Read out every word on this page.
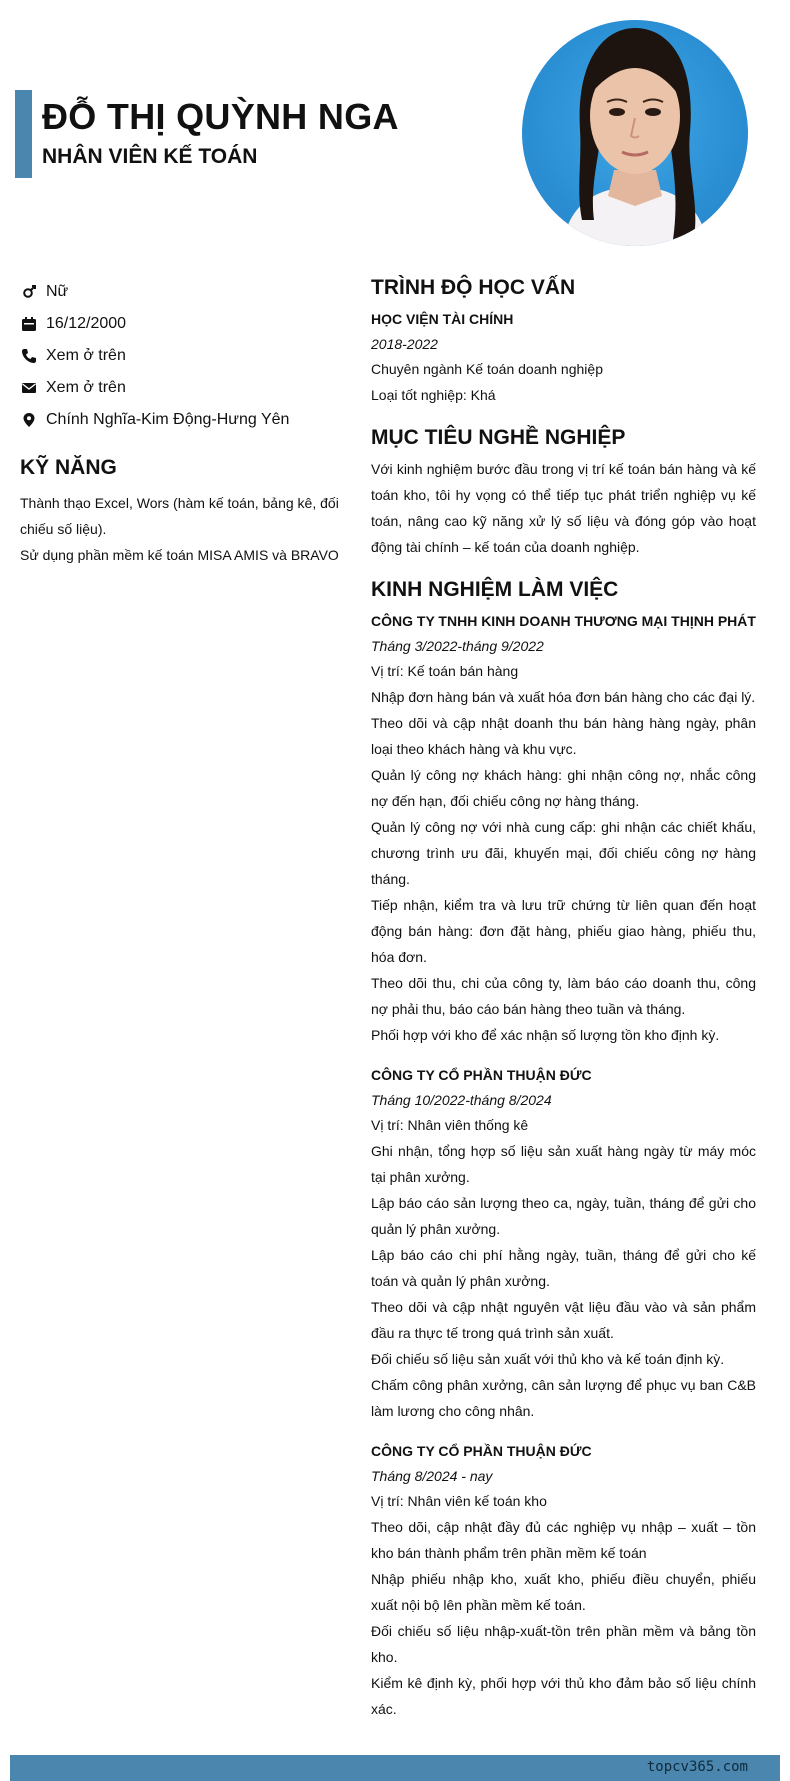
ĐỖ THỊ QUỲNH NGA
NHÂN VIÊN KẾ TOÁN
Nữ
16/12/2000
Xem ở trên
Xem ở trên
Chính Nghĩa-Kim Động-Hưng Yên
KỸ NĂNG

Thành thạo Excel, Wors (hàm kế toán, bảng kê, đối chiếu số liệu).

Sử dụng phần mềm kế toán MISA AMIS và BRAVO

TRÌNH ĐỘ HỌC VẤN

HỌC VIỆN TÀI CHÍNH

2018-2022

Chuyên ngành Kế toán doanh nghiệp

Loại tốt nghiệp: Khá

MỤC TIÊU NGHỀ NGHIỆP

Với kinh nghiệm bước đầu trong vị trí kế toán bán hàng và kế toán kho, tôi hy vọng có thể tiếp tục phát triển nghiệp vụ kế toán, nâng cao kỹ năng xử lý số liệu và đóng góp vào hoạt động tài chính – kế toán của doanh nghiệp.

KINH NGHIỆM LÀM VIỆC

CÔNG TY TNHH KINH DOANH THƯƠNG MẠI THỊNH PHÁT

Tháng 3/2022-tháng 9/2022

Vị trí: Kế toán bán hàng

Nhập đơn hàng bán và xuất hóa đơn bán hàng cho các đại lý.

Theo dõi và cập nhật doanh thu bán hàng hàng ngày, phân loại theo khách hàng và khu vực.

Quản lý công nợ khách hàng: ghi nhận công nợ, nhắc công nợ đến hạn, đối chiếu công nợ hàng tháng.

Quản lý công nợ với nhà cung cấp: ghi nhận các chiết khấu, chương trình ưu đãi, khuyến mại, đối chiếu công nợ hàng tháng.

Tiếp nhận, kiểm tra và lưu trữ chứng từ liên quan đến hoạt động bán hàng: đơn đặt hàng, phiếu giao hàng, phiếu thu, hóa đơn.

Theo dõi thu, chi của công ty, làm báo cáo doanh thu, công nợ phải thu, báo cáo bán hàng theo tuần và tháng.

Phối hợp với kho để xác nhận số lượng tồn kho định kỳ.

CÔNG TY CỔ PHẦN THUẬN ĐỨC

Tháng 10/2022-tháng 8/2024

Vị trí: Nhân viên thống kê

Ghi nhận, tổng hợp số liệu sản xuất hàng ngày từ máy móc tại phân xưởng.

Lập báo cáo sản lượng theo ca, ngày, tuần, tháng để gửi cho quản lý phân xưởng.

Lập báo cáo chi phí hằng ngày, tuần, tháng để gửi cho kế toán và quản lý phân xưởng.

Theo dõi và cập nhật nguyên vật liệu đầu vào và sản phẩm đầu ra thực tế trong quá trình sản xuất.

Đối chiếu số liệu sản xuất với thủ kho và kế toán định kỳ.

Chấm công phân xưởng, cân sản lượng để phục vụ ban C&B làm lương cho công nhân.

CÔNG TY CỔ PHẦN THUẬN ĐỨC

Tháng 8/2024 - nay

Vị trí: Nhân viên kế toán kho

Theo dõi, cập nhật đầy đủ các nghiệp vụ nhập – xuất – tồn kho bán thành phẩm trên phần mềm kế toán

Nhập phiếu nhập kho, xuất kho, phiếu điều chuyển, phiếu xuất nội bộ lên phần mềm kế toán.

Đối chiếu số liệu nhập-xuất-tồn trên phần mềm và bảng tồn kho.

Kiểm kê định kỳ, phối hợp với thủ kho đảm bảo số liệu chính xác.

topcv365.com
